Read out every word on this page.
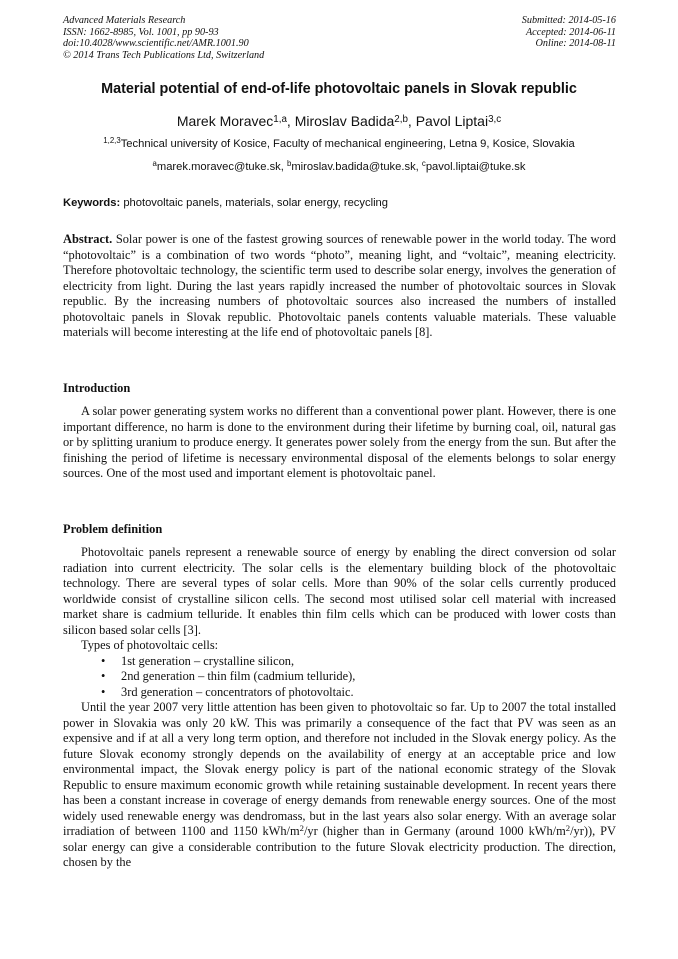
Advanced Materials Research
ISSN: 1662-8985, Vol. 1001, pp 90-93
doi:10.4028/www.scientific.net/AMR.1001.90
© 2014 Trans Tech Publications Ltd, Switzerland
Submitted: 2014-05-16
Accepted: 2014-06-11
Online: 2014-08-11
Material potential of end-of-life photovoltaic panels in Slovak republic
Marek Moravec$^{1,a}$, Miroslav Badida$^{2,b}$, Pavol Liptai$^{3,c}$
$^{1,2,3}$Technical university of Kosice, Faculty of mechanical engineering, Letna 9, Kosice, Slovakia
$^a$marek.moravec@tuke.sk, $^b$miroslav.badida@tuke.sk, $^c$pavol.liptai@tuke.sk
Keywords: photovoltaic panels, materials, solar energy, recycling

Abstract. Solar power is one of the fastest growing sources of renewable power in the world today. The word “photovoltaic” is a combination of two words “photo”, meaning light, and “voltaic”, meaning electricity. Therefore photovoltaic technology, the scientific term used to describe solar energy, involves the generation of electricity from light. During the last years rapidly increased the number of photovoltaic sources in Slovak republic. By the increasing numbers of photovoltaic sources also increased the numbers of installed photovoltaic panels in Slovak republic. Photovoltaic panels contents valuable materials. These valuable materials will become interesting at the life end of photovoltaic panels [8].

Introduction

A solar power generating system works no different than a conventional power plant. However, there is one important difference, no harm is done to the environment during their lifetime by burning coal, oil, natural gas or by splitting uranium to produce energy. It generates power solely from the energy from the sun. But after the finishing the period of lifetime is necessary environmental disposal of the elements belongs to solar energy sources. One of the most used and important element is photovoltaic panel.

Problem definition

Photovoltaic panels represent a renewable source of energy by enabling the direct conversion od solar radiation into current electricity. The solar cells is the elementary building block of the photovoltaic technology. There are several types of solar cells. More than 90% of the solar cells currently produced worldwide consist of crystalline silicon cells. The second most utilised solar cell material with increased market share is cadmium telluride. It enables thin film cells which can be produced with lower costs than silicon based solar cells [3].

Types of photovoltaic cells:

• 1st generation – crystalline silicon,
• 2nd generation – thin film (cadmium telluride),
• 3rd generation – concentrators of photovoltaic.

Until the year 2007 very little attention has been given to photovoltaic so far. Up to 2007 the total installed power in Slovakia was only 20 kW. This was primarily a consequence of the fact that PV was seen as an expensive and if at all a very long term option, and therefore not included in the Slovak energy policy. As the future Slovak economy strongly depends on the availability of energy at an acceptable price and low environmental impact, the Slovak energy policy is part of the national economic strategy of the Slovak Republic to ensure maximum economic growth while retaining sustainable development. In recent years there has been a constant increase in coverage of energy demands from renewable energy sources. One of the most widely used renewable energy was dendromass, but in the last years also solar energy. With an average solar irradiation of between 1100 and 1150 kWh/$m^2/yr$ (higher than in Germany (around 1000 kWh/$m^2/yr$)), PV solar energy can give a considerable contribution to the future Slovak electricity production. The direction, chosen by the
